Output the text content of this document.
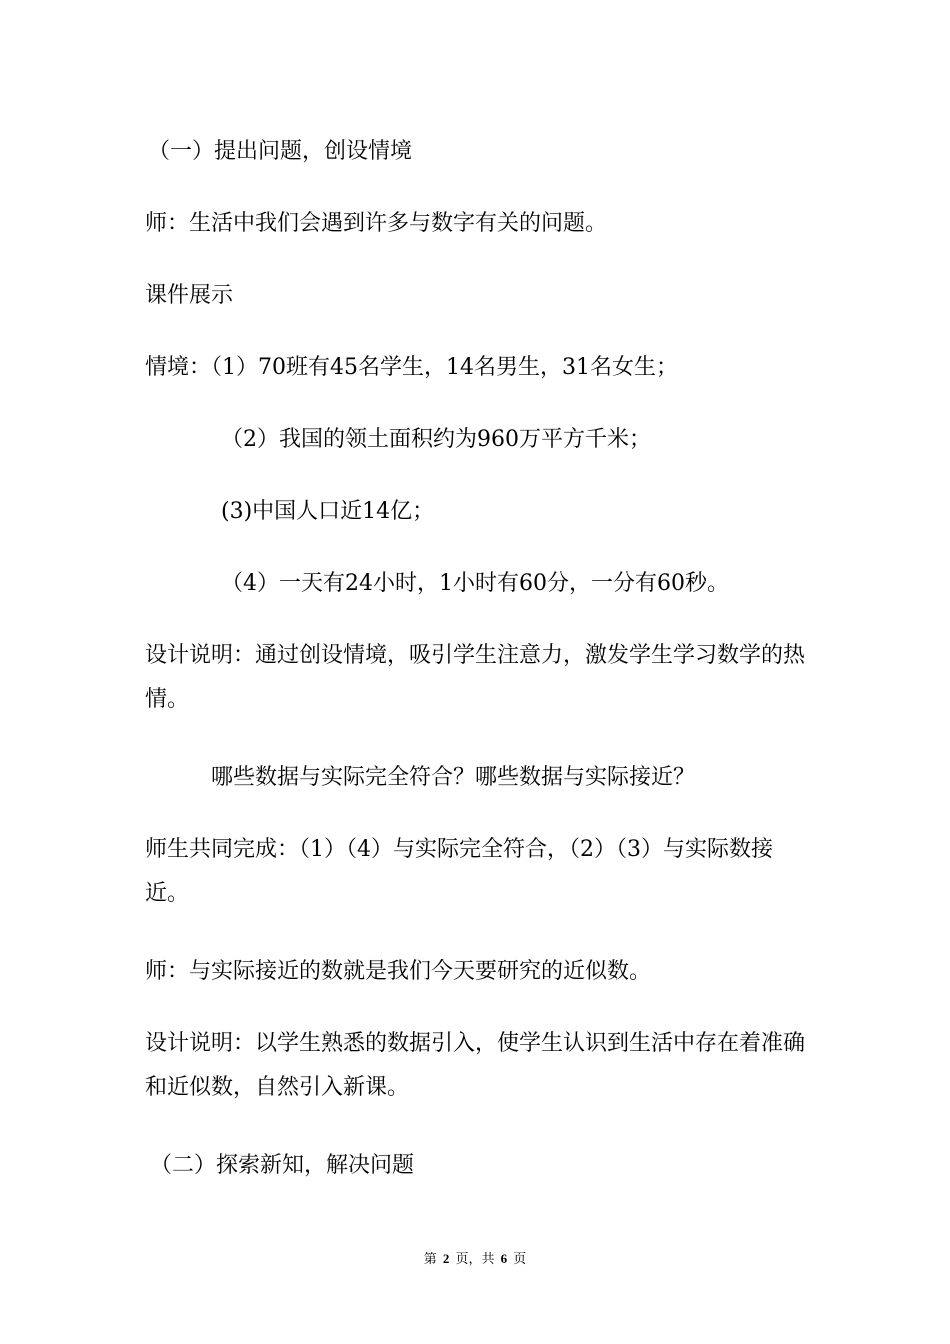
（一）提出问题，创设情境

师：生活中我们会遇到许多与数字有关的问题。

课件展示

情境：（1）70班有45名学生，14名男生，31名女生；

（2）我国的领土面积约为960万平方千米；

(3)中国人口近14亿；

（4）一天有24小时，1小时有60分，一分有60秒。

设计说明：通过创设情境，吸引学生注意力，激发学生学习数学的热情。

哪些数据与实际完全符合？哪些数据与实际接近？

师生共同完成：（1）（4）与实际完全符合，（2）（3）与实际数接近。

师：与实际接近的数就是我们今天要研究的近似数。

设计说明：以学生熟悉的数据引入，使学生认识到生活中存在着准确和近似数，自然引入新课。

（二）探索新知，解决问题

第 2 页，共 6 页
